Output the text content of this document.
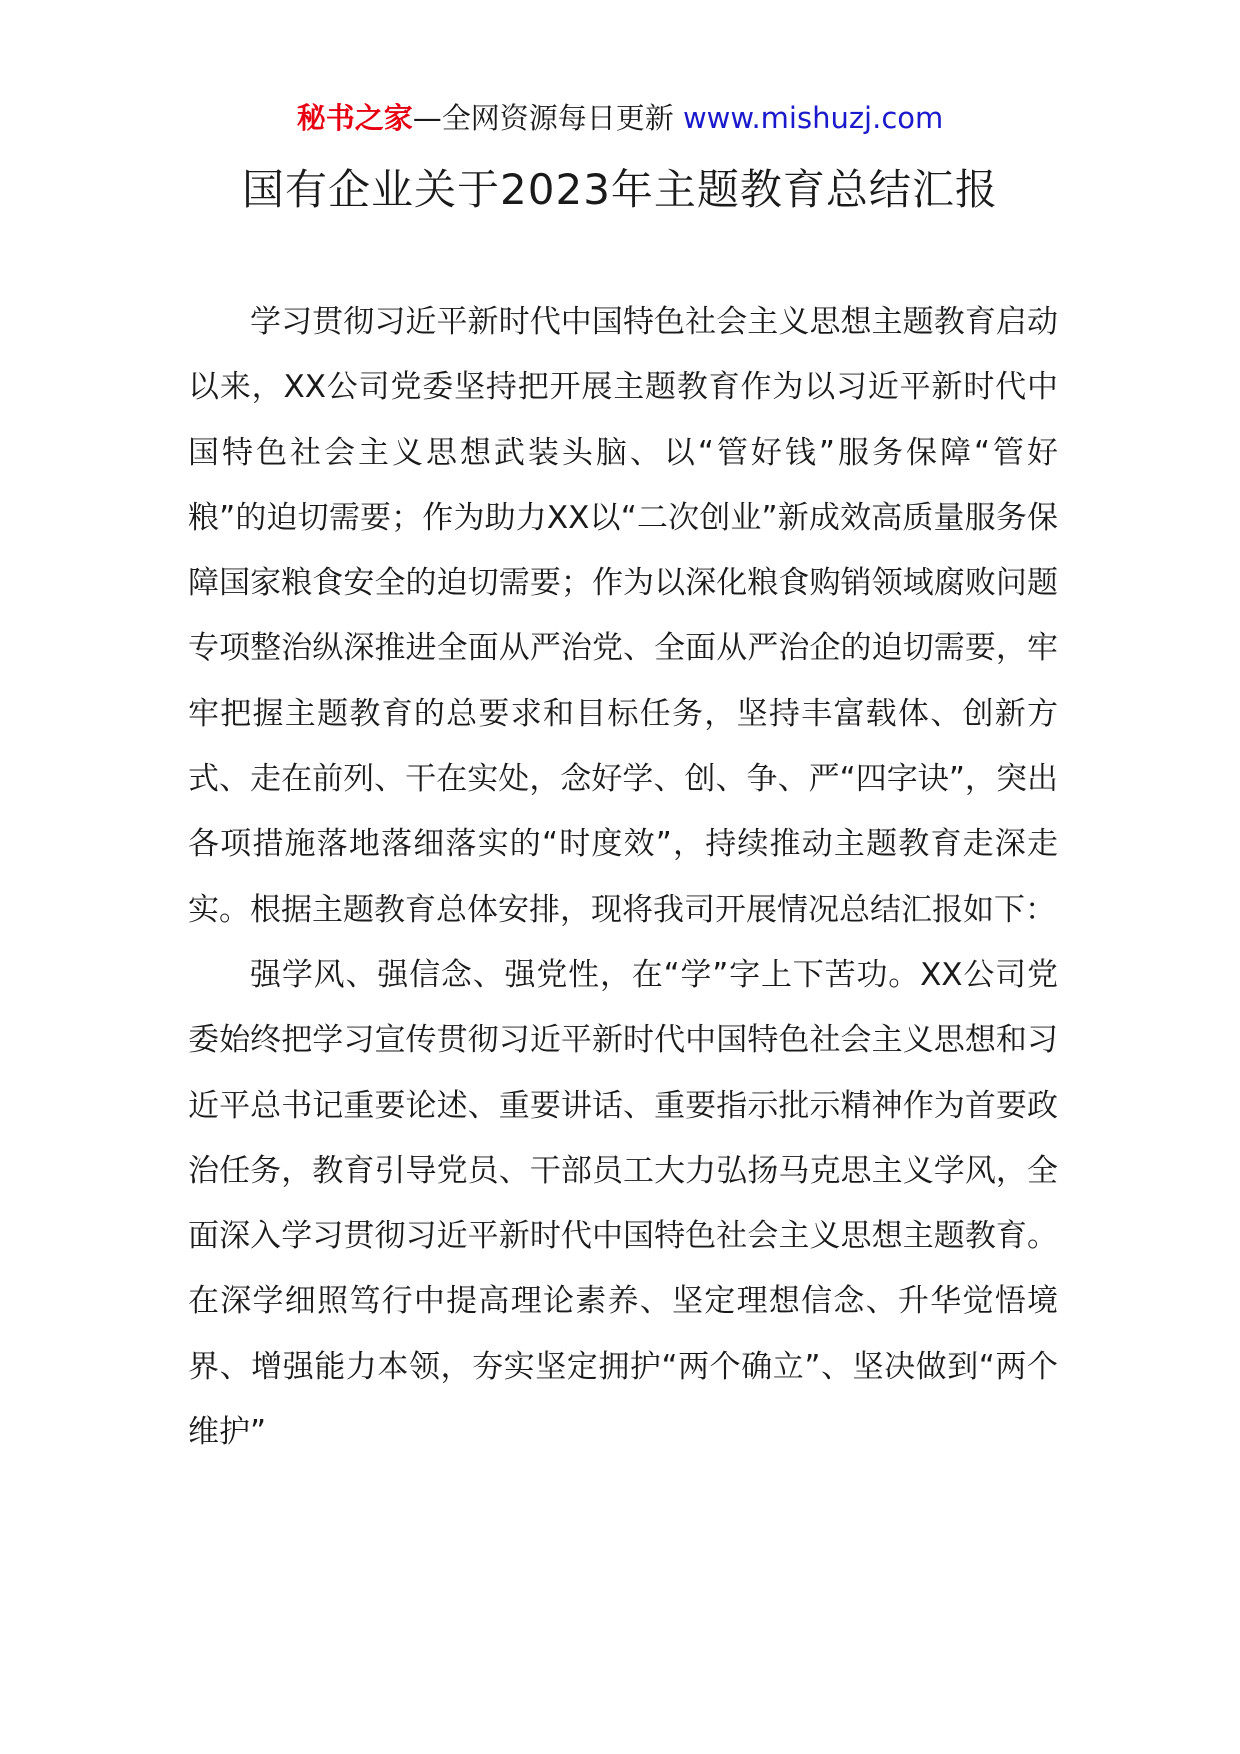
秘书之家—全网资源每日更新 www.mishuzj.com
国有企业关于2023年主题教育总结汇报

学习贯彻习近平新时代中国特色社会主义思想主题教育启动以来，XX公司党委坚持把开展主题教育作为以习近平新时代中国特色社会主义思想武装头脑、以“管好钱”服务保障“管好粮”的迫切需要；作为助力XX以“二次创业”新成效高质量服务保障国家粮食安全的迫切需要；作为以深化粮食购销领域腐败问题专项整治纵深推进全面从严治党、全面从严治企的迫切需要，牢牢把握主题教育的总要求和目标任务，坚持丰富载体、创新方式、走在前列、干在实处，念好学、创、争、严“四字诀”，突出各项措施落地落细落实的“时度效”，持续推动主题教育走深走实。根据主题教育总体安排，现将我司开展情况总结汇报如下：

强学风、强信念、强党性，在“学”字上下苦功。XX公司党委始终把学习宣传贯彻习近平新时代中国特色社会主义思想和习近平总书记重要论述、重要讲话、重要指示批示精神作为首要政治任务，教育引导党员、干部员工大力弘扬马克思主义学风，全面深入学习贯彻习近平新时代中国特色社会主义思想主题教育。在深学细照笃行中提高理论素养、坚定理想信念、升华觉悟境界、增强能力本领，夯实坚定拥护“两个确立”、坚决做到“两个维护”
